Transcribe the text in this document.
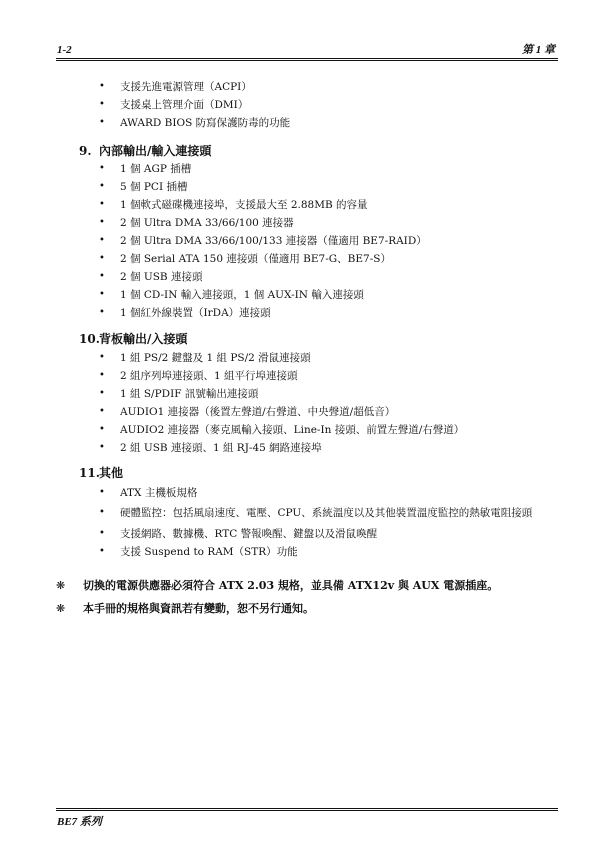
1-2	第 1 章
• 支援先進電源管理（ACPI）
• 支援桌上管理介面（DMI）
• AWARD BIOS 防寫保護防毒的功能
9. 內部輸出/輸入連接頭
• 1 個 AGP 插槽
• 5 個 PCI 插槽
• 1 個軟式磁碟機連接埠，支援最大至 2.88MB 的容量
• 2 個 Ultra DMA 33/66/100 連接器
• 2 個 Ultra DMA 33/66/100/133 連接器（僅適用 BE7-RAID）
• 2 個 Serial ATA 150 連接頭（僅適用 BE7-G、BE7-S）
• 2 個 USB 連接頭
• 1 個 CD-IN 輸入連接頭，1 個 AUX-IN 輸入連接頭
• 1 個紅外線裝置（IrDA）連接頭
10.背板輸出/入接頭
• 1 組 PS/2 鍵盤及 1 組 PS/2 滑鼠連接頭
• 2 組序列埠連接頭、1 組平行埠連接頭
• 1 組 S/PDIF 訊號輸出連接頭
• AUDIO1 連接器（後置左聲道/右聲道、中央聲道/超低音）
• AUDIO2 連接器（麥克風輸入接頭、Line-In 接頭、前置左聲道/右聲道）
• 2 組 USB 連接頭、1 組 RJ-45 網路連接埠
11.其他
• ATX 主機板規格
• 硬體監控：包括風扇速度、電壓、CPU、系統溫度以及其他裝置溫度監控的熱敏電阻接頭
• 支援網路、數據機、RTC 警報喚醒、鍵盤以及滑鼠喚醒
• 支援 Suspend to RAM（STR）功能
❋ 切換的電源供應器必須符合 ATX 2.03 規格，並具備 ATX12v 與 AUX 電源插座。
❋ 本手冊的規格與資訊若有變動，恕不另行通知。
BE7 系列
